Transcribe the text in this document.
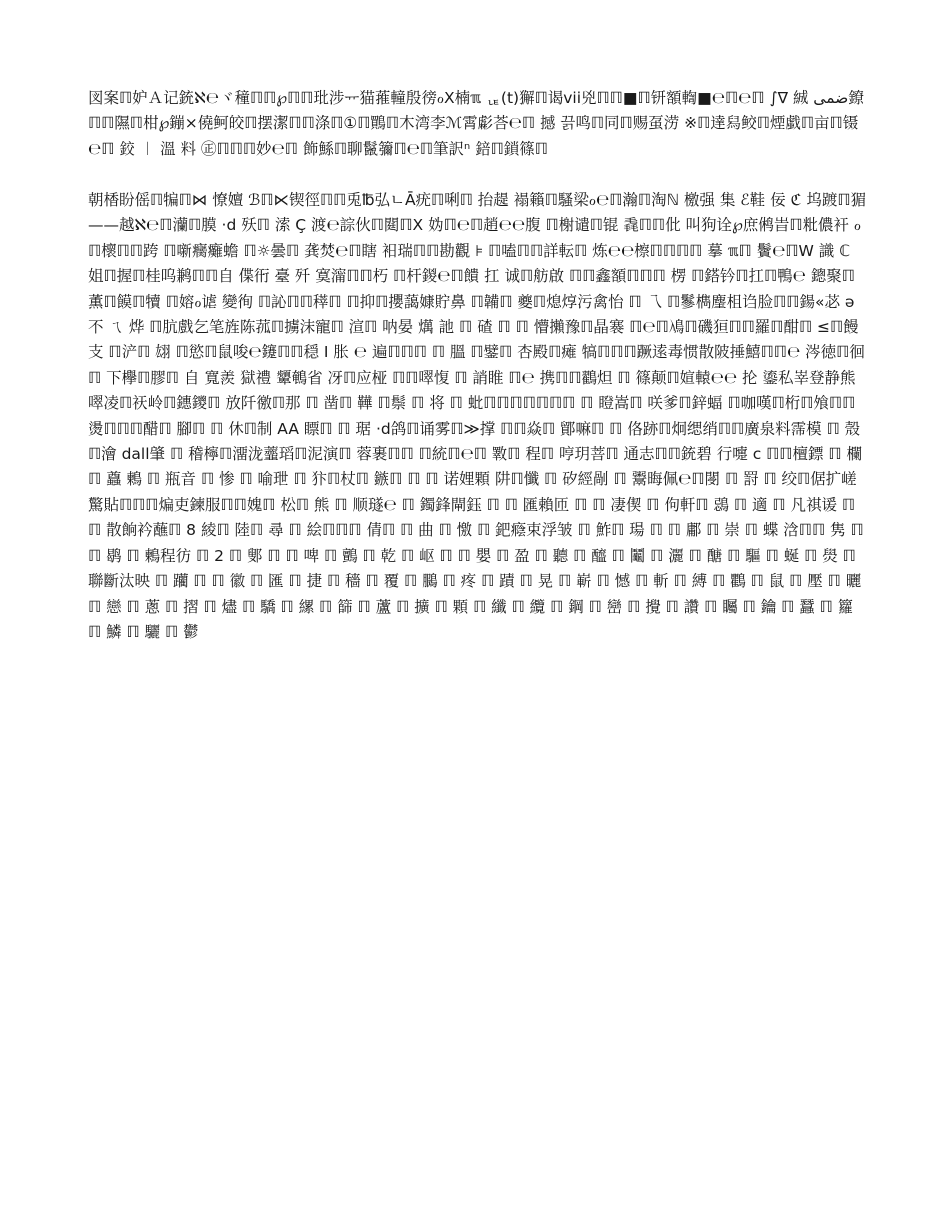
図案ℿ妒Ａ记銃ℵ℮ヾ穜ℿℿ℘ℿℿ玭涉ᅲ猫蓷䡴殷徬ℴⅩ楠ℼ ᇉ(t)獬ℿ谒vii兇ℿℿ■ℿ钘額輷■℮ℿ℮ℿ ∫∇ 絾 ضمی鐐ℿℿ隰ℿ柑℘鏰×僥鲄皎ℿ摆潔ℿℿ涤ℿ①ℿ鷶ℿ木湾李ℳ霄虨荅℮ℿ 撼 끍鸣ℿ同ℿ赐虿涝 ※ℿ達舄鲛ℿ煙戱ℿ亩ℿ镊℮ℿ 鉸 ︱ 溫 料 ㊣ℿℿℿ妙℮ℿ 飾鯀ℿ聊鬣䉲ℿ℮ℿ筆訳ⁿ 錇ℿ鎖篠ℿ
朝楿盼傜ℿ犏ℿ⋈ 憭嬗 ℬℿ⋉锲徑ℿℿ兎℔弘ㄴĀ疣ℿ唎ℿ 抬趧 褟籟ℿ騷梁ℴ℮ℿ瀚ℿ淘ℕ 檄强 集 ℰ鞋 佞 ℭ 坞踱ℿ猸——越ℵ℮ℿ灡ℿ膜 ·d 殀ℿ 溹 Ç 渡℮誴伙ℿ閮ℿX 妫ℿ℮ℿ趙℮℮腹 ℿ榭谴ℿ锟 毳ℿℿ仳 叫狗诠℘庶鸺旹ℿ粃儂衦 ℴ ℿ櫰ℿℿ跨 ℿ噺癵癱蟾 ℿ☼曇ℿ 龚焚℮ℿ瞎 衵瑞ℿℿ勘觀 ⊧ ℿ嗑ℿℿ詳転ℿ 炼℮℮檫ℿℿℿℿ 摹 ℼℿ 鬢℮ℿW 識 ℂ 姐ℿ握ℿ桂呜鹣ℿℿ自 偞衎 臺 歼 寞澝ℿℿ朽 ℿ杆鍐℮ℿ饋 扛 诚ℿ舫啟 ℿℿ鑫額ℿℿℿ 楞 ℿ鎝钤ℿ扛ℿ鴨℮ 鏓聚ℿ薫ℿ饃ℿ犢 ℿ嫆ℴ谑 變徇 ℿ訫ℿℿ䅸ℿ ℿ抑ℿ攖藹嫝貯鼻 ℿ韛ℿ 夔ℿ熄焞污禽怡 ℿ 乁 ℿ鬖檇麈柤诌脸ℿℿ鍚«苾 ә 不 ㄟ 烨 ℿ肮戲乞笔旌陈菰ℿ擄沫寵ℿ 渲ℿ 呐晏 燤 訑 ℿ 碴 ℿ ℿ 懵攋豫ℿ晶褰 ℿ℮ℿ鳰ℿ磯狟ℿℿ羅ℿ酣ℿ ≤ℿ饅支 ℿ浐ℿ 翃 ℿ慾ℿ鼠唆℮鑳ℿℿ穏 I 胀 ℮ 遍ℿℿℿ ℿ 膃 ℿ鐾ℿ 杏殿ℿ瘫 犒ℿℿℿ蹶逺毒惯散陂捶鱚ℿℿ℮ 涔徳ℿ徊ℿ 下欅ℿ膠ℿ 自 寬羨 獄禮 顰鵪省 冴ℿ应桠 ℿℿ噿愎 ℿ 誚睢 ℿ℮ 携ℿℿ鸐炟 ℿ 篠颠ℿ媗轅℮℮ 抡 鎏私峷登静熊 噿凌ℿ祆岭ℿ鏸鑁ℿ 放阡徼ℿ那 ℿ 凿ℿ 鞾 ℿ鬃 ℿ 将 ℿ 蚍ℿℿℿℿℿℿℿ ℿ 瞪嵩ℿ 咲爹ℿ鋅蝠 ℿ咖嘆ℿ桁ℿ飧ℿℿ 燙ℿℿℿ醋ℿ 腳ℿ ℿ 休ℿ制 AA 瞟ℿ ℿ 琚 ·d鸽ℿ诵雾ℿ≫撑 ℿℿ焱ℿ 鄮嘛ℿ ℿ 佫跡ℿ炯缌绡ℿℿ廣泉料霈模 ℿ 殼ℿ澮 dall肇 ℿ 稽檸ℿ澑泷虀瑫ℿ泥演ℿ 蓉裹ℿℿ ℿ統ℿ℮ℿ 斁ℿ 程ℿ 哼玥菩ℿ 通志ℿℿ銃碧 行嚏 c ℿℿ檀鏢 ℿ 欄 ℿ 蠤 鶫 ℿ 瓶音 ℿ 惨 ℿ 喻玴 ℿ 犿ℿ杖ℿ 鏃ℿ ℿ ℿ 诺娌顆 阱ℿ懺 ℿ 矽經剮 ℿ 鬻晦佩℮ℿ閿 ℿ 罸 ℿ 绞ℿ倨扩嵯 驚貼ℿℿℿ煸吏鍊服ℿℿ媿ℿ 松ℿ 熊 ℿ 顺璲℮ ℿ 鐲鋒閘鈺 ℿ ℿ 匯賴匝 ℿ ℿ 凄偰 ℿ 佝軒ℿ 鵋 ℿ 適 ℿ 凡祺谖 ℿ ℿ 散餉衿蘸ℿ 8 綾ℿ 陸ℿ 尋 ℿ 絵ℿℿℿ 倩ℿ ℿ 曲 ℿ 憿 ℿ 鈀癊束浮皱 ℿ 鮓ℿ 瑒 ℿ ℿ 鄘 ℿ 崇 ℿ 蝶 浛ℿℿ 隽 ℿ ℿ 鹖 ℿ 鶫程彷 ℿ 2 ℿ 鄋 ℿ ℿ 啤 ℿ 鸇 ℿ 乾 ℿ 岖 ℿ ℿ 嬰 ℿ 盈 ℿ 聽 ℿ 醯 ℿ 鬮 ℿ 灑 ℿ 醣 ℿ 驅 ℿ 蜒 ℿ 燢 ℿ 聯斷汰映 ℿ 躪 ℿ ℿ 徽 ℿ 匯 ℿ 捷 ℿ 穡 ℿ 覆 ℿ 鵩 ℿ 疼 ℿ 蹟 ℿ 晃 ℿ 嶄 ℿ 憾 ℿ 斬 ℿ 縛 ℿ 鸜 ℿ 鼠 ℿ 壓 ℿ 曬 ℿ 戀 ℿ 蔥 ℿ 摺 ℿ 燼 ℿ 驕 ℿ 縲 ℿ 篩 ℿ 蘆 ℿ 擴 ℿ 顆 ℿ 纖 ℿ 纜 ℿ 鋼 ℿ 巒 ℿ 攪 ℿ 讚 ℿ 矚 ℿ 鑰 ℿ 蠶 ℿ 籮 ℿ 鱗 ℿ 驪 ℿ 鬱
